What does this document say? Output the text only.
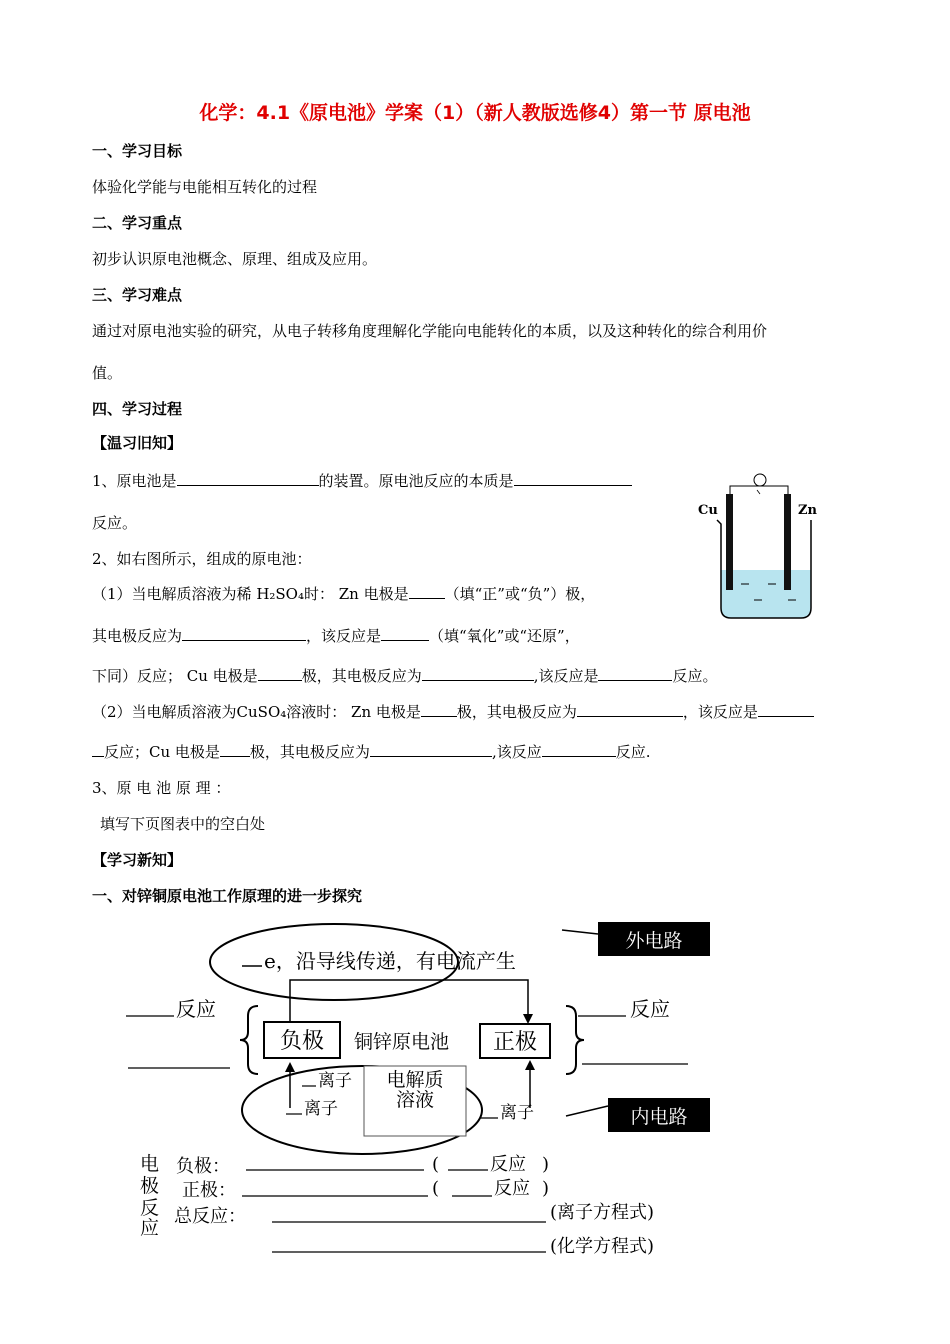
化学：4.1《原电池》学案（1）（新人教版选修4）第一节 原电池
一、学习目标
体验化学能与电能相互转化的过程
二、学习重点
初步认识原电池概念、原理、组成及应用。
三、学习难点
通过对原电池实验的研究，从电子转移角度理解化学能向电能转化的本质，以及这种转化的综合利用价
值。
四、学习过程
【温习旧知】
1、原电池是	的装置。原电池反应的本质是
反应。
2、如右图所示，组成的原电池：
（1）当电解质溶液为稀 H₂SO₄时： Zn 电极是 （填“正”或“负”）极，
其电极反应为	，该反应是	（填“氧化”或“还原”，
下同）反应； Cu 电极是	极，其电极反应为	,该反应是	反应。
（2）当电解质溶液为CuSO₄溶液时： Zn 电极是 极，其电极反应为	，该反应是
反应；Cu 电极是 极，其电极反应为	,该反应	反应.
3、原 电 池 原 理 ：
填写下页图表中的空白处
【学习新知】
一、对锌铜原电池工作原理的进一步探究
Cu	Zn
e，沿导线传递，有电流产生
外电路
反应
负极 铜锌原电池 正极
反应
电解质
溶液
离子
离子	离子	内电路
电
极
反
应
负极：	(	反应 )
正极：	(	反应 )
总反应：	(离子方程式)
(化学方程式)
